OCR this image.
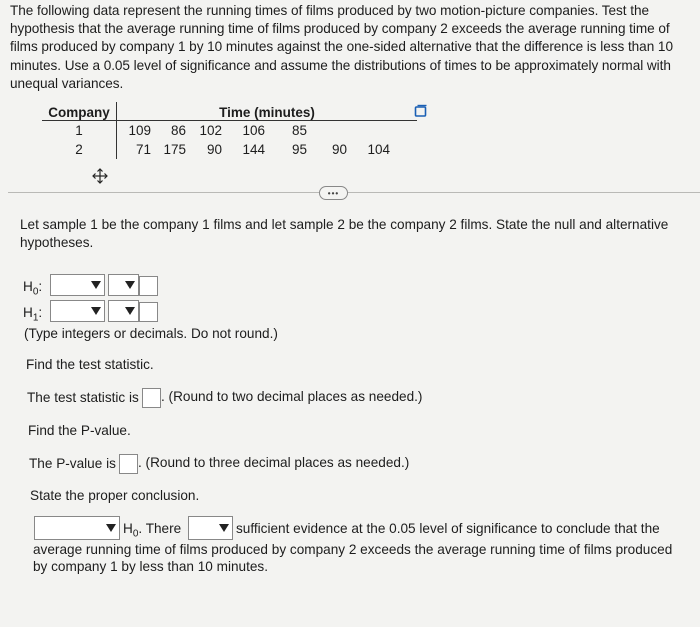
The following data represent the running times of films produced by two motion-picture companies. Test the hypothesis that the average running time of films produced by company 2 exceeds the average running time of films produced by company 1 by 10 minutes against the one-sided alternative that the difference is less than 10 minutes. Use a 0.05 level of significance and assume the distributions of times to be approximately normal with unequal variances.

Company	Time (minutes)
1	109 86 102 106 85
2	71 175 90 144 95 90 104
•••
Let sample 1 be the company 1 films and let sample 2 be the company 2 films. State the null and alternative hypotheses.
$H_0$:
$H_1$:
(Type integers or decimals. Do not round.)
Find the test statistic.
The test statistic is . (Round to two decimal places as needed.)
Find the P-value.
The P-value is . (Round to three decimal places as needed.)
State the proper conclusion.
$H_0$. There	sufficient evidence at the 0.05 level of significance to conclude that the
average running time of films produced by company 2 exceeds the average running time of films produced
by company 1 by less than 10 minutes.
